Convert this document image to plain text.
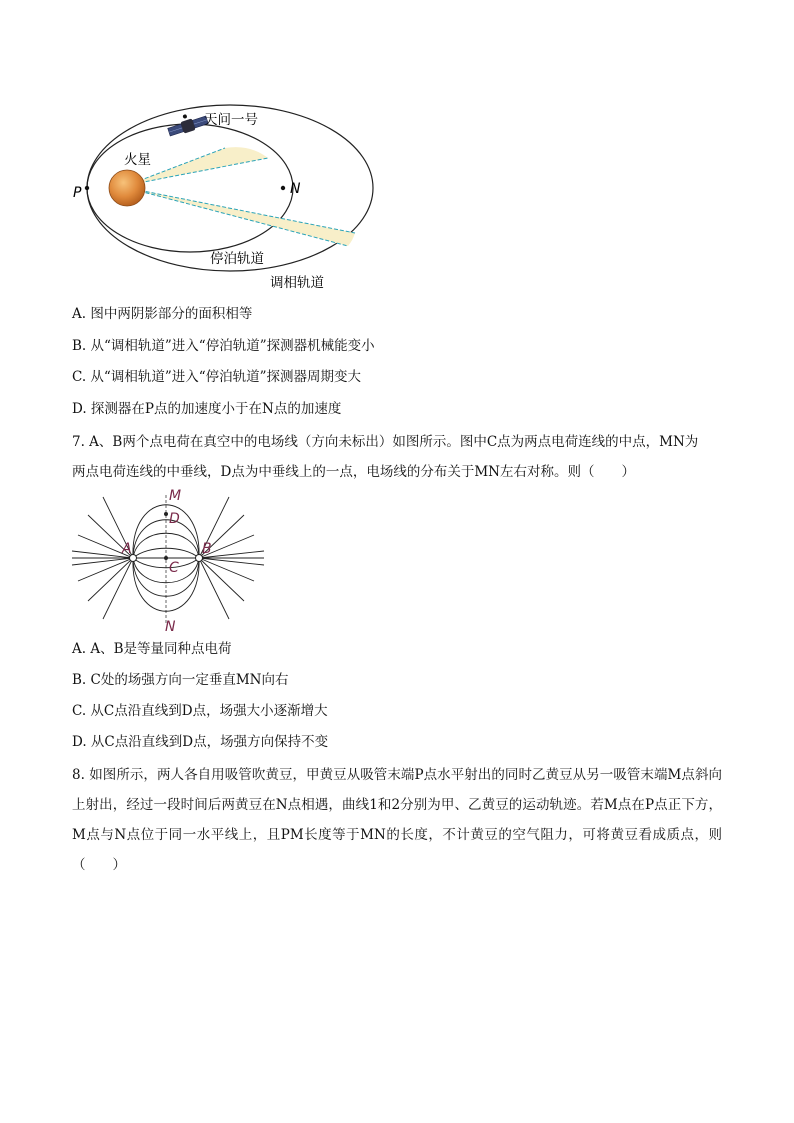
天问一号
火星
P	N
停泊轨道
调相轨道
A. 图中两阴影部分的面积相等
B. 从“调相轨道”进入“停泊轨道”探测器机械能变小
C. 从“调相轨道”进入“停泊轨道”探测器周期变大
D. 探测器在P点的加速度小于在N点的加速度
7. A、B两个点电荷在真空中的电场线（方向未标出）如图所示。图中C点为两点电荷连线的中点，MN为
两点电荷连线的中垂线，D点为中垂线上的一点，电场线的分布关于MN左右对称。则（　　）
M
D
A	B
C
N
A. A、B是等量同种点电荷
B. C处的场强方向一定垂直MN向右
C. 从C点沿直线到D点，场强大小逐渐增大
D. 从C点沿直线到D点，场强方向保持不变
8. 如图所示，两人各自用吸管吹黄豆，甲黄豆从吸管末端P点水平射出的同时乙黄豆从另一吸管末端M点斜向上射出，经过一段时间后两黄豆在N点相遇，曲线1和2分别为甲、乙黄豆的运动轨迹。若M点在P点正下方，M点与N点位于同一水平线上，且PM长度等于MN的长度，不计黄豆的空气阻力，可将黄豆看成质点，则（　　）
